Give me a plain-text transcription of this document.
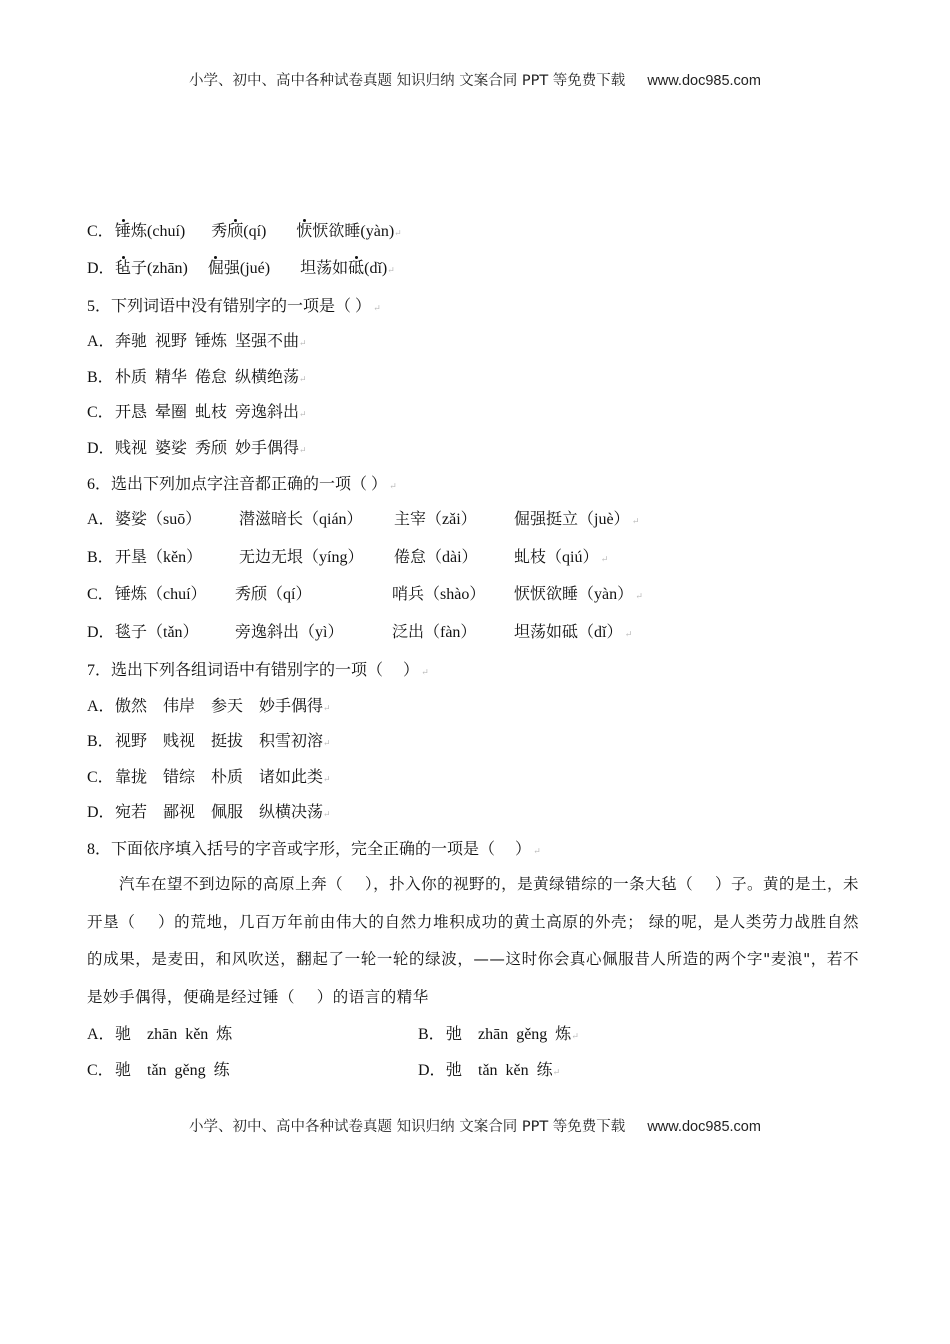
小学、初中、高中各种试卷真题 知识归纳 文案合同 PPT 等免费下载 www.doc985.com
C．锤炼(chuí) 秀颀(qí) 恹恹欲睡(yàn)↵
D．毡子(zhān) 倔强(jué) 坦荡如砥(dǐ)↵
5．下列词语中没有错别字的一项是（ ） ↵
A．奔驰  视野  锤炼  坚强不曲↵
B．朴质  精华  倦怠  纵横绝荡↵
C．开恳  晕圈  虬枝  旁逸斜出↵
D．贱视  婆娑  秀颀  妙手偶得↵
6．选出下列加点字注音都正确的一项（ ） ↵
A．婆娑（suō） 潜滋暗长（qián） 主宰（zǎi） 倔强挺立（juè） ↵
B．开垦（kěn） 无边无垠（yíng） 倦怠（dài） 虬枝（qiú） ↵
C．锤炼（chuí） 秀颀（qí）	哨兵（shào） 恹恹欲睡（yàn） ↵
D．毯子（tǎn） 旁逸斜出（yì）	泛出（fàn） 坦荡如砥（dǐ） ↵
7．选出下列各组词语中有错别字的一项（     ） ↵
A．傲然    伟岸    参天    妙手偶得↵
B．视野    贱视    挺拔    积雪初溶↵
C．靠拢    错综    朴质    诸如此类↵
D．宛若    鄙视    佩服    纵横决荡↵
8．下面依序填入括号的字音或字形，完全正确的一项是（     ） ↵

汽车在望不到边际的高原上奔（    ），扑入你的视野的，是黄绿错综的一条大毡（    ）子。黄的是土，未开垦（    ）的荒地，几百万年前由伟大的自然力堆积成功的黄土高原的外壳； 绿的呢，是人类劳力战胜自然的成果，是麦田，和风吹送，翻起了一轮一轮的绿波，——这时你会真心佩服昔人所造的两个字"麦浪"，若不是妙手偶得，便确是经过锤（    ）的语言的精华

A．驰    zhān  kěn  炼	B．弛    zhān  gěng  炼↵
C．驰    tǎn  gěng  练	D．弛    tǎn  kěn  练↵
小学、初中、高中各种试卷真题 知识归纳 文案合同 PPT 等免费下载 www.doc985.com
